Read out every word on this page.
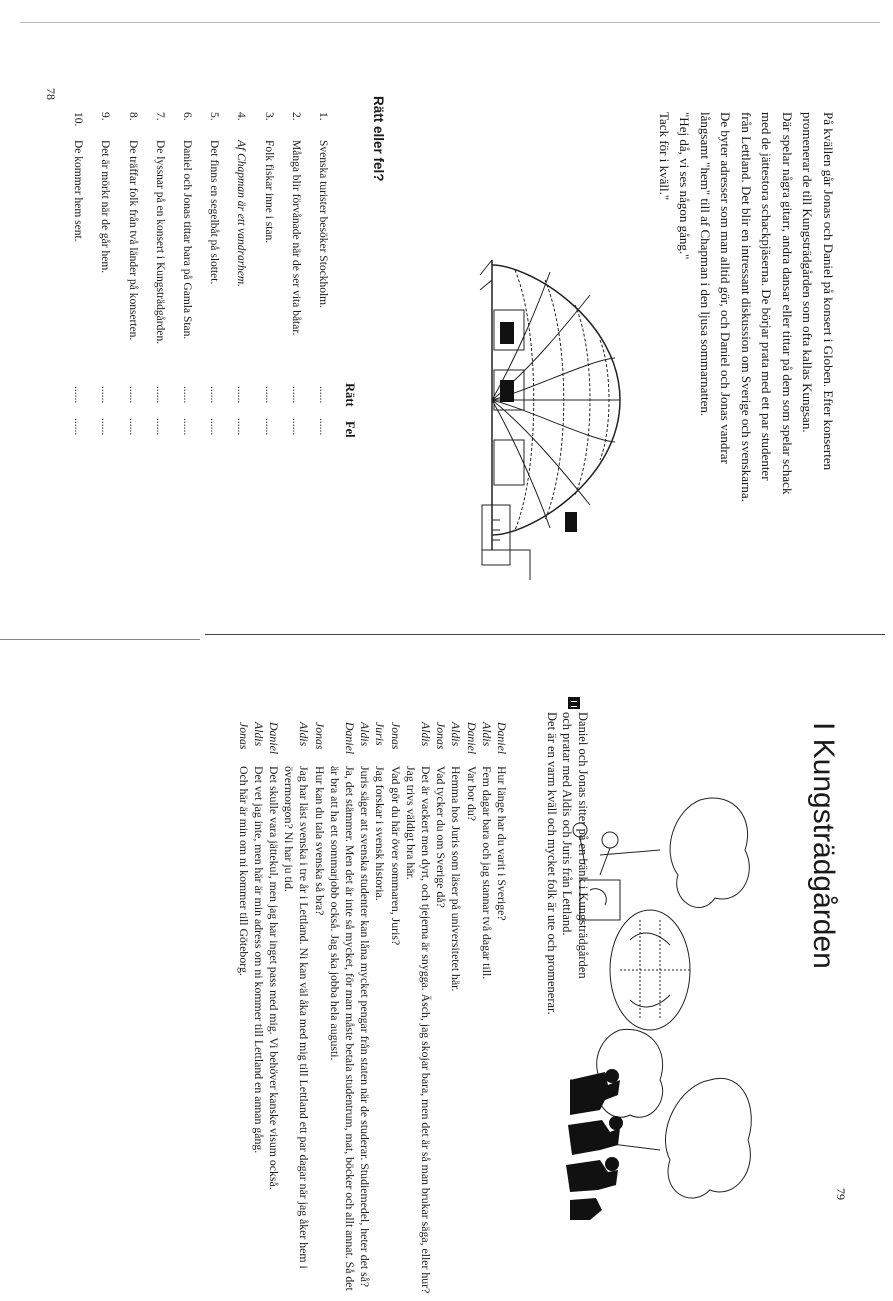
På kvällen går Jonas och Daniel på konsert i Globen. Efter konserten

promenerar de till Kungsträdgården som ofta kallas Kungsan.

Där spelar några gitarr, andra dansar eller tittar på dem som spelar schack

med de jättestora schackpjäserna. De börjar prata med ett par studenter

från Lettland. Det blir en intressant diskussion om Sverige och svenskarna.

De byter adresser som man alltid gör, och Daniel och Jonas vandrar

långsamt "hem" till af Chapman i den ljusa sommarnatten.

"Hej då, vi ses någon gång."

Tack för i kväll."

Rätt eller fel?
Rätt
Fel
1.
Svenska turister besöker Stockholm.
2.
Många blir förvånade när de ser vita båtar.
3.
Folk fiskar inne i stan.
4.
Af Chapman är ett vandrarhem.
5.
Det finns en segelbåt på slottet.
6.
Daniel och Jonas tittar bara på Gamla Stan.
7.
De lyssnar på en konsert i Kungsträdgården.
8.
De träffar folk från två länder på konserten.
9.
Det är mörkt när de går hem.
10.
De kommer hem sent.
......
......
......
......
......
......
......
......
......
......
......
......
......
......
......
......
......
......
......
......
78
I Kungsträdgården
Daniel och Jonas sitter på en bänk i Kungsträdgården
och pratar med Aldis och Juris från Lettland.
Det är en varm kväll och mycket folk är ute och promenerar.
Daniel
Hur länge har du varit i Sverige?
Aldis
Fem dagar bara och jag stannar två dagar till.
Daniel
Var bor du?
Aldis
Hemma hos Juris som läser på universitetet här.
Jonas
Vad tycker du om Sverige då?
Aldis
Det är vackert men dyrt, och tjejerna är snygga. Äsch, jag skojar bara, men det är så man brukar säga, eller hur? Jag trivs väldigt bra här.
Jonas
Vad gör du här över sommaren, Juris?
Juris
Jag forskar i svensk historia.
Aldis
Juris säger att svenska studenter kan låna mycket pengar från staten när de studerar. Studiemedel, heter det så?
Daniel
Ja, det stämmer. Men det är inte så mycket, för man måste betala studentrum, mat, böcker och allt annat. Så det är bra att ha ett sommarjobb också. Jag ska jobba hela augusti.
Jonas
Hur kan du tala svenska så bra?
Aldis
Jag har läst svenska i tre år i Lettland. Ni kan väl åka med mig till Lettland ett par dagar när jag åker hem i övermorgon? Ni har ju tid.
Daniel
Det skulle vara jättekul, men jag har inget pass med mig. Vi behöver kanske visum också.
Aldis
Det vet jag inte, men här är min adress om ni kommer till Lettland en annan gång.
Jonas
Och här är min om ni kommer till Göteborg.
79
